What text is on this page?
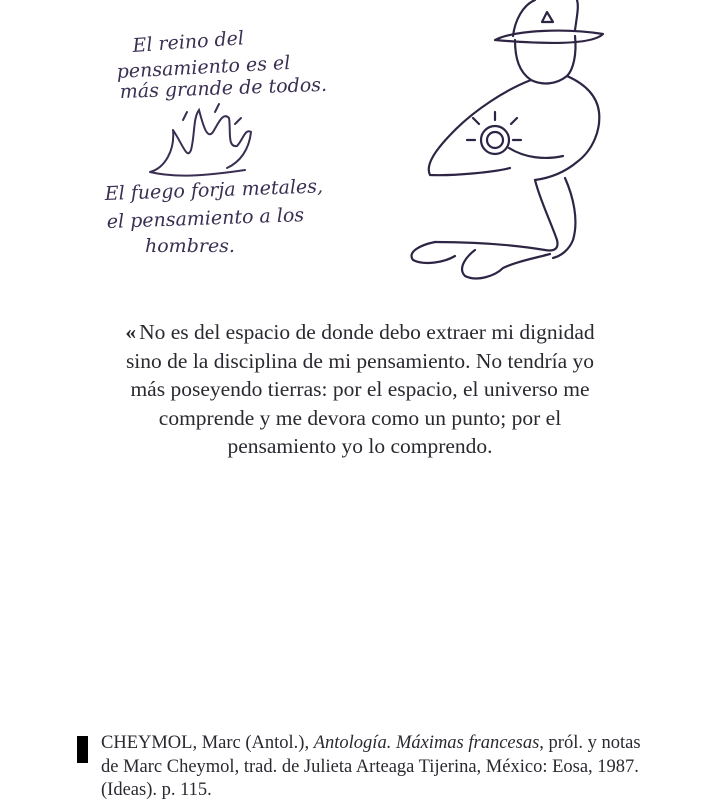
El reino del
pensamiento es el
más grande de todos.
El fuego forja metales,
el pensamiento a los
hombres.
« No es del espacio de donde debo extraer mi dignidad sino de la disciplina de mi pensamiento. No tendría yo más poseyendo tierras: por el espacio, el universo me comprende y me devora como un punto; por el pensamiento yo lo comprendo.
CHEYMOL, Marc (Antol.), Antología. Máximas francesas, pról. y notas de Marc Cheymol, trad. de Julieta Arteaga Tijerina, México: Eosa, 1987. (Ideas). p. 115.
